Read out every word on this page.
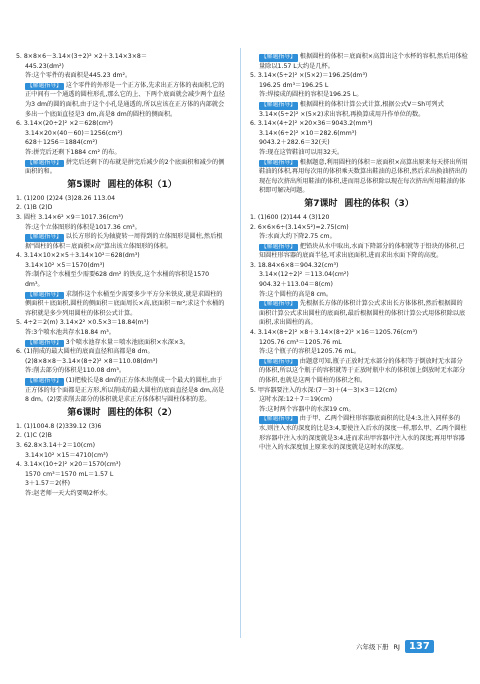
5. 8×8×6－3.14×(3÷2)² ×2＋3.14×3×8＝

445.23(dm²)

答:这个零件的表面积是445.23 dm²。

【解题指导】 这个零件的外形是一个正方体,先求出正方体的表面积,它的正中间有一个通透的圆柱形孔,那么它的上、下两个底面就会减少两个直径为3 dm的圆的面积,由于这个小孔是通透的,所以应该在正方体的内部就会多出一个底面直径是3 dm,高是8 dm的圆柱的侧面积。

6. 3.14×(20÷2)² ×2＝628(cm²)

3.14×20×(40－60)＝1256(cm²)

628＋1256＝1884(cm²)

答:拼完后还剩下1884 cm² 的布。

【解题指导】 拼完后还剩下的布就是拼完后减少的2个底面积和减少的侧面积的和。

第5课时 圆柱的体积（1）

1. (1)200 (2)24 (3)28.26 113.04

2. (1)B (2)D

3. 圆柱 3.14×6² ×9＝1017.36(cm³)

答:这个立体图形的体积是1017.36 cm³。

【解题指导】 以长方形的长为轴旋转一周得到的立体图形是圆柱,然后根据"圆柱的体积＝底面积×高"算出该立体图形的体积。

4. 3.14×10×2×5＋3.14×10²＝628(dm³)

3.14×10² ×5＝1570(dm³)

答:制作这个水桶至少需要628 dm² 的铁皮,这个水桶的容积是1570 dm³。

【解题指导】 求制作这个水桶至少需要多少平方分米铁皮,就是求圆柱的侧面积＋底面积,圆柱的侧面积＝底面周长×高,底面积＝πr²;求这个水桶的容积就是多少列用圆柱的体积公式计算。

5. 4÷2＝2(m) 3.14×2² ×0.5×3＝18.84(m³)

答:3个喷水池共存水18.84 m³。

【解题指导】 3个喷水池存水量＝喷水池底面积×水深×3。

6. (1)削成的最大圆柱的底面直径和高都是8 dm。

(2)8×8×8－3.14×(8÷2)² ×8＝110.08(dm³)

答:削去部分的体积是110.08 dm³。

【解题指导】 (1)把棱长是8 dm的正方体木块削成一个最大的圆柱,由于正方体的每个面都是正方形,所以削成的最大圆柱的底面直径是8 dm,高是8 dm。(2)要求削去部分的体积就是求正方体体积与圆柱体积的差。

第6课时 圆柱的体积（2）

1. (1)1004.8 (2)339.12 (3)6

2. (1)C (2)B

3. 62.8×3.14＋2＝10(cm)

3.14×10² ×15＝4710(cm³)

4. 3.14×(10÷2)² ×20＝1570(cm³)

1570 cm³＝1570 mL＝1.57 L

3＋1.57＝2(杯)

答:赵老师一天大约要喝2杯水。

【解题指导】 根据圆柱的体积＝底面积×高算出这个水杯的容积,然后用体检量除以1.57 L大约是几杯。

5. 3.14×(5÷2)² ×(5×2)＝196.25(dm³)

196.25 dm³＝196.25 L

答:焊接成的圆柱的容积是196.25 L。

【解题指导】 根据圆柱的体积计算公式计算,根据公式V＝Sh可列式3.14×(5÷2)² ×(5×2)求出容积,再换算成用升作单位的数。

6. 3.14×(4÷2)² ×20×36＝9043.2(mm³)

3.14×(6÷2)² ×10＝282.6(mm³)

9043.2＋282.6＝32(天)

答:现在这管鞋油可以用32天。

【解题指导】 根据题意,利用圆柱的体积＝底面积×高算出原来每天挤出所用鞋油的体积,再用每次用的体积乘天数算出鞋油的总体积,然后求出换油挤出的现在每次挤出所用鞋油的体积,进而用总体积除以现在每次挤出所用鞋油的体积即可解决问题。

第7课时 圆柱的体积（3）

1. (1)600 (2)144 4 (3)120

2. 6×6×6÷(3.14×5²)≈2.75(cm)

答:水面大约下降2.75 cm。

【解题指导】 把铅块从水中取出,水面下降部分的体积就等于铅块的体积,已知圆柱形容器的底面半径,可求出底面积,进而求出水面下降的高度。

3. 18.84×6×8＝904.32(cm³)

3.14×(12÷2)² ＝113.04(cm²)

904.32＋113.04＝8(cm)

答:这个圆柱的高是8 cm。

【解题指导】 先根据长方体的体积计算公式求出长方体体积,然后根据圆的面积计算公式求出圆柱的底面积,最后根据圆柱的体积计算公式用体积除以底面积,求出圆柱的高。

4. 3.14×(8÷2)² ×8＋3.14×(8÷2)² ×16＝1205.76(cm³)

1205.76 cm³＝1205.76 mL

答:这个瓶子的容积是1205.76 mL。

【解题指导】 由题意可知,瓶子正放时无水部分的体积等于倒放时无水部分的体积,所以这个瓶子的容积就等于正放时瓶中水的体积加上倒放时无水部分的体积,也就是这两个圆柱的体积之和。

5. 甲容器要注入的水深:(7－3)＋(4－3)×3＝12(cm)

这时水深:12＋7＝19(cm)

答:这时两个容器中的水深19 cm。

【解题指导】 由于甲、乙两个圆柱形容器底面积的比是4:3,注入同样多的水,则注入水的深度的比是3:4,要使注入后水的深度一样,那么甲、乙两个圆柱形容器中注入水的深度就是3:4,进而求出甲容器中注入水的深度;再用甲容器中注入的水深度加上原来水的深度就是这时水的深度。

六年级下册 RJ 137
